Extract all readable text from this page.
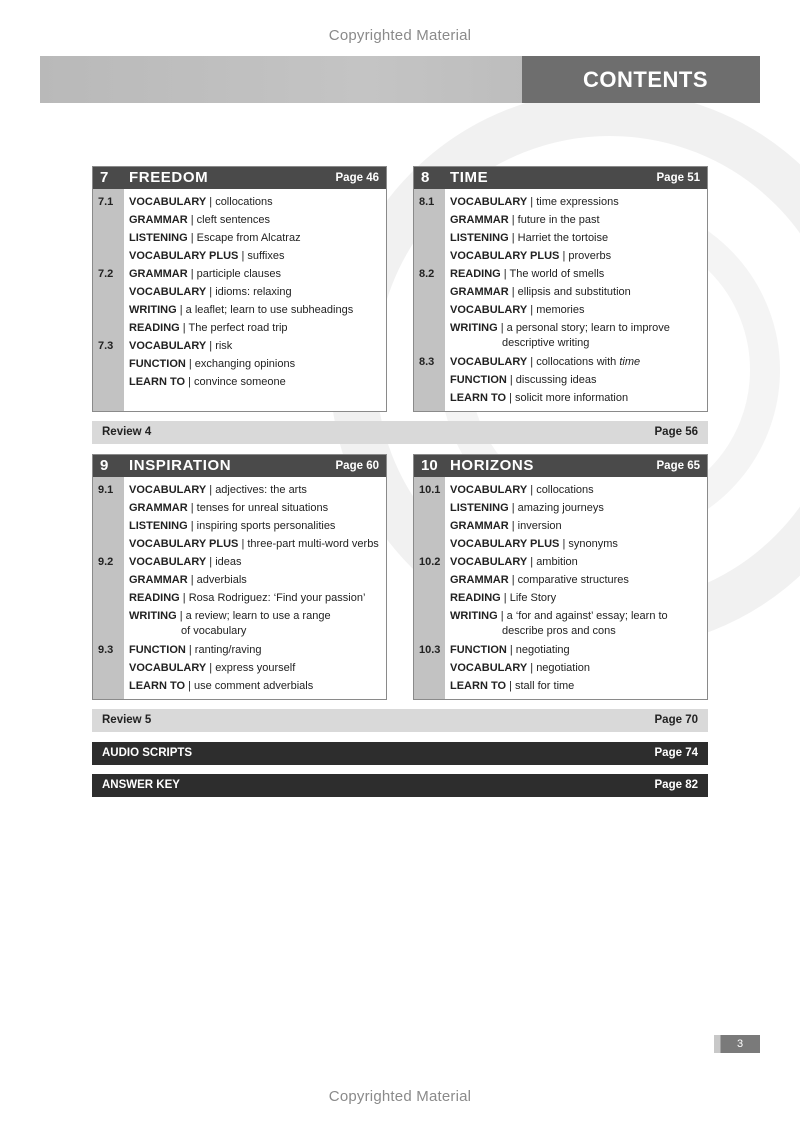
Copyrighted Material
CONTENTS
7 FREEDOM	Page 46
7.1 VOCABULARY | collocations
GRAMMAR | cleft sentences
LISTENING | Escape from Alcatraz
VOCABULARY PLUS | suffixes
7.2 GRAMMAR | participle clauses
VOCABULARY | idioms: relaxing
WRITING | a leaflet; learn to use subheadings
READING | The perfect road trip
7.3 VOCABULARY | risk
FUNCTION | exchanging opinions
LEARN TO | convince someone
8 TIME	Page 51
8.1 VOCABULARY | time expressions
GRAMMAR | future in the past
LISTENING | Harriet the tortoise
VOCABULARY PLUS | proverbs
8.2 READING | The world of smells
GRAMMAR | ellipsis and substitution
VOCABULARY | memories
WRITING | a personal story; learn to improve
descriptive writing
8.3 VOCABULARY | collocations with time
FUNCTION | discussing ideas
LEARN TO | solicit more information
Review 4	Page 56
9 INSPIRATION	Page 60
9.1 VOCABULARY | adjectives: the arts
GRAMMAR | tenses for unreal situations
LISTENING | inspiring sports personalities
VOCABULARY PLUS | three-part multi-word verbs
9.2 VOCABULARY | ideas
GRAMMAR | adverbials
READING | Rosa Rodriguez: ‘Find your passion’
WRITING | a review; learn to use a range
of vocabulary
9.3 FUNCTION | ranting/raving
VOCABULARY | express yourself
LEARN TO | use comment adverbials
10 HORIZONS	Page 65
10.1 VOCABULARY | collocations
LISTENING | amazing journeys
GRAMMAR | inversion
VOCABULARY PLUS | synonyms
10.2 VOCABULARY | ambition
GRAMMAR | comparative structures
READING | Life Story
WRITING | a ‘for and against’ essay; learn to
describe pros and cons
10.3 FUNCTION | negotiating
VOCABULARY | negotiation
LEARN TO | stall for time
Review 5	Page 70
AUDIO SCRIPTS	Page 74
ANSWER KEY	Page 82
3
Copyrighted Material
